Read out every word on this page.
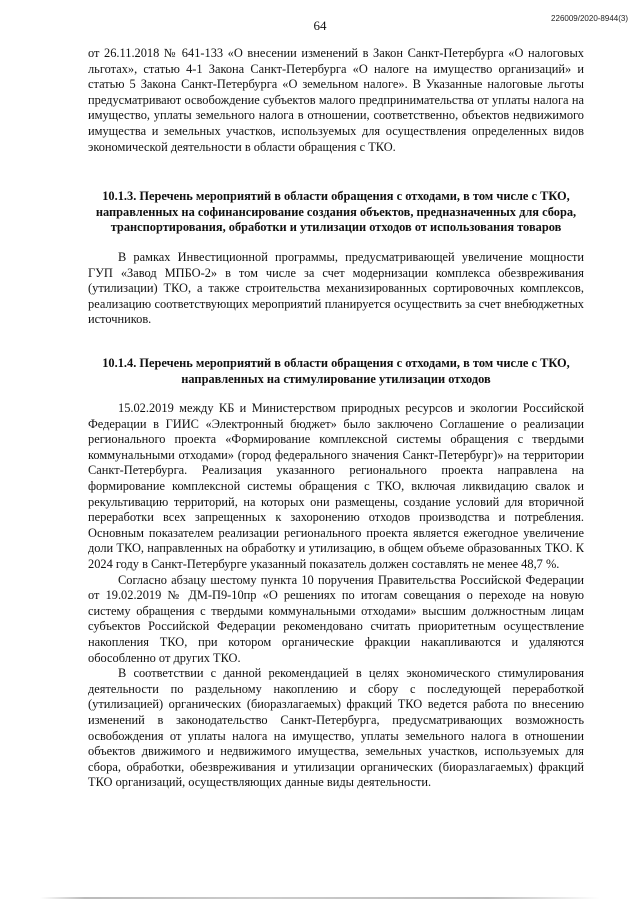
64	226009/2020-8944(3)

от 26.11.2018 № 641-133 «О внесении изменений в Закон Санкт-Петербурга «О налоговых льготах», статью 4-1 Закона Санкт-Петербурга «О налоге на имущество организаций» и статью 5 Закона Санкт-Петербурга «О земельном налоге». В Указанные налоговые льготы предусматривают освобождение субъектов малого предпринимательства от уплаты налога на имущество, уплаты земельного налога в отношении, соответственно, объектов недвижимого имущества и земельных участков, используемых для осуществления определенных видов экономической деятельности в области обращения с ТКО.

10.1.3. Перечень мероприятий в области обращения с отходами, в том числе с ТКО, направленных на софинансирование создания объектов, предназначенных для сбора, транспортирования, обработки и утилизации отходов от использования товаров

В рамках Инвестиционной программы, предусматривающей увеличение мощности ГУП «Завод МПБО-2» в том числе за счет модернизации комплекса обезвреживания (утилизации) ТКО, а также строительства механизированных сортировочных комплексов, реализацию соответствующих мероприятий планируется осуществить за счет внебюджетных источников.

10.1.4. Перечень мероприятий в области обращения с отходами, в том числе с ТКО, направленных на стимулирование утилизации отходов

15.02.2019 между КБ и Министерством природных ресурсов и экологии Российской Федерации в ГИИС «Электронный бюджет» было заключено Соглашение о реализации регионального проекта «Формирование комплексной системы обращения с твердыми коммунальными отходами» (город федерального значения Санкт-Петербург)» на территории Санкт-Петербурга. Реализация указанного регионального проекта направлена на формирование комплексной системы обращения с ТКО, включая ликвидацию свалок и рекультивацию территорий, на которых они размещены, создание условий для вторичной переработки всех запрещенных к захоронению отходов производства и потребления. Основным показателем реализации регионального проекта является ежегодное увеличение доли ТКО, направленных на обработку и утилизацию, в общем объеме образованных ТКО. К 2024 году в Санкт-Петербурге указанный показатель должен составлять не менее 48,7 %.

Согласно абзацу шестому пункта 10 поручения Правительства Российской Федерации от 19.02.2019 № ДМ-П9-10пр «О решениях по итогам совещания о переходе на новую систему обращения с твердыми коммунальными отходами» высшим должностным лицам субъектов Российской Федерации рекомендовано считать приоритетным осуществление накопления ТКО, при котором органические фракции накапливаются и удаляются обособленно от других ТКО.

В соответствии с данной рекомендацией в целях экономического стимулирования деятельности по раздельному накоплению и сбору с последующей переработкой (утилизацией) органических (биоразлагаемых) фракций ТКО ведется работа по внесению изменений в законодательство Санкт-Петербурга, предусматривающих возможность освобождения от уплаты налога на имущество, уплаты земельного налога в отношении объектов движимого и недвижимого имущества, земельных участков, используемых для сбора, обработки, обезвреживания и утилизации органических (биоразлагаемых) фракций ТКО организаций, осуществляющих данные виды деятельности.
